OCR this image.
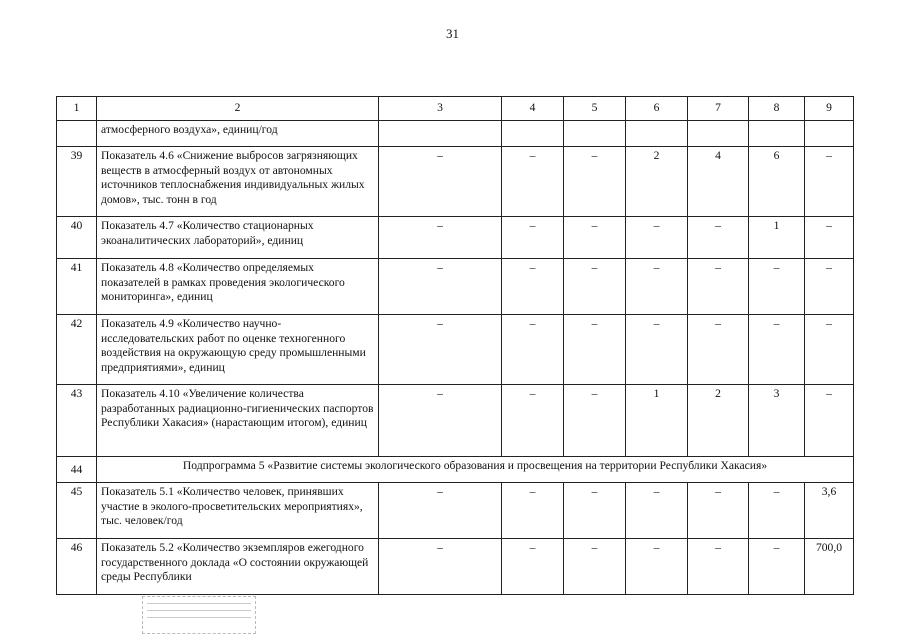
31
1	2	3	4	5	6	7	8	9
	атмосферного воздуха», единиц/год							
39	Показатель 4.6 «Снижение выбросов загрязняющих веществ в атмосферный воздух от автономных источников теплоснабжения индивидуальных жилых домов», тыс. тонн в год	–	–	–	2	4	6	–
40	Показатель 4.7 «Количество стационарных экоаналитических лабораторий», единиц	–	–	–	–	–	1	–
41	Показатель 4.8 «Количество определяемых показателей в рамках проведения экологического мониторинга», единиц	–	–	–	–	–	–	–
42	Показатель 4.9 «Количество научно-исследовательских работ по оценке техногенного воздействия на окружающую среду промышленными предприятиями», единиц	–	–	–	–	–	–	–
43	Показатель 4.10 «Увеличение количества разработанных радиационно-гигиенических паспортов Республики Хакасия» (нарастающим итогом), единиц	–	–	–	1	2	3	–
44	Подпрограмма 5 «Развитие системы экологического образования и просвещения на территории Республики Хакасия»							
45	Показатель 5.1 «Количество человек, принявших участие в эколого-просветительских мероприятиях», тыс. человек/год	–	–	–	–	–	–	3,6
46	Показатель 5.2 «Количество экземпляров ежегодного государственного доклада «О состоянии окружающей среды Республики	–	–	–	–	–	–	700,0
